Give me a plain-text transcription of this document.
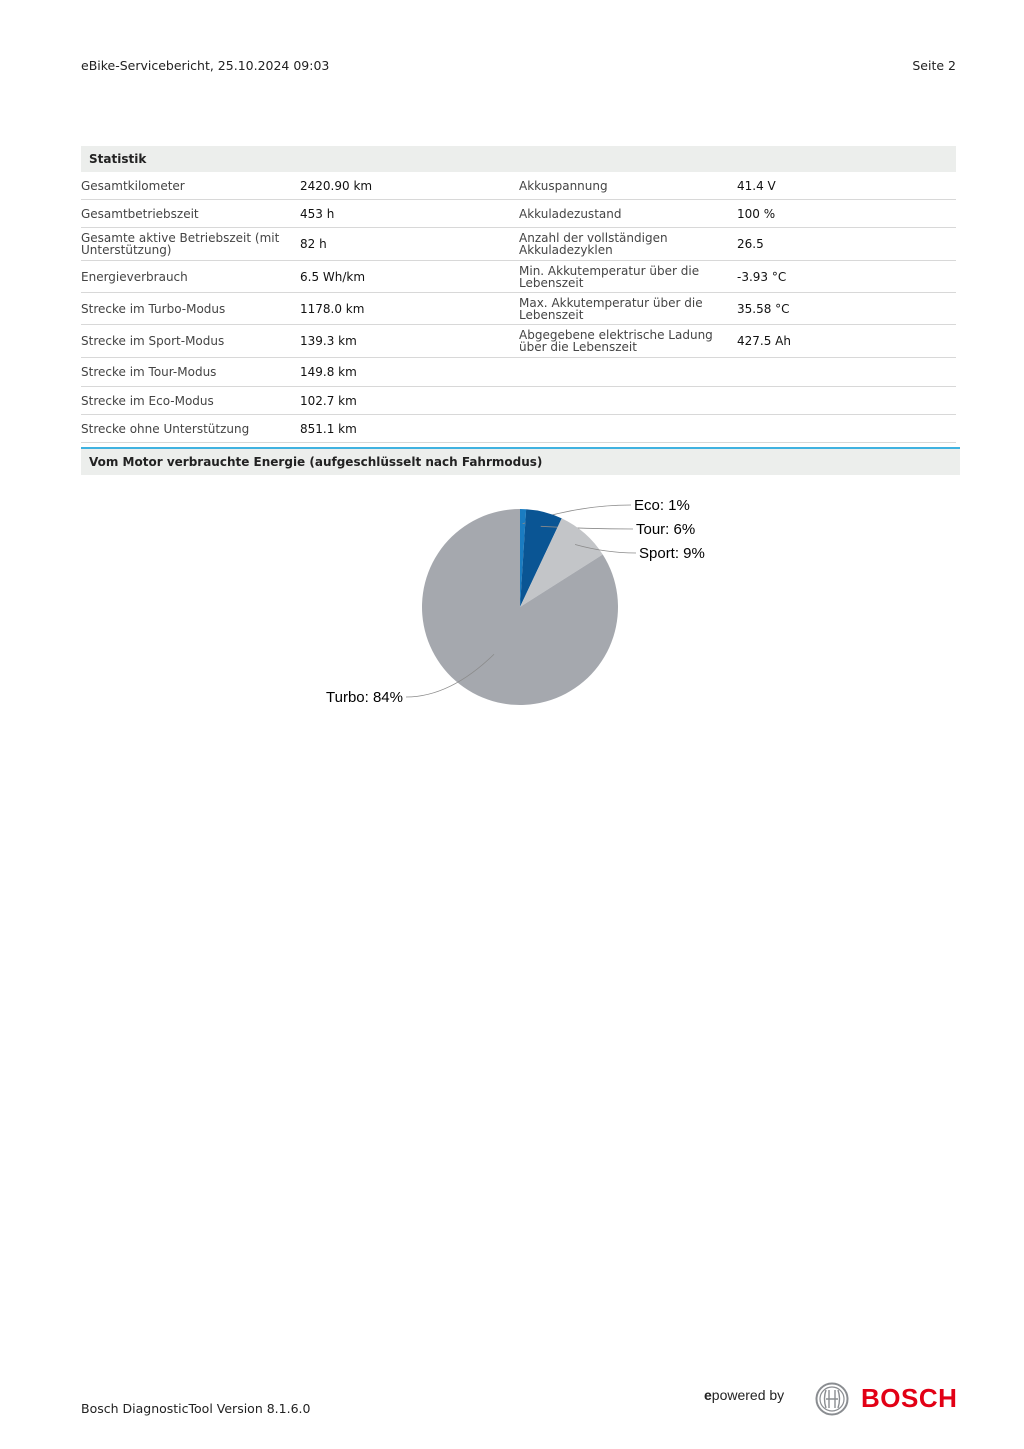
eBike-Servicebericht, 25.10.2024 09:03	Seite 2
Statistik
Gesamtkilometer	2420.90 km	Akkuspannung	41.4 V
Gesamtbetriebszeit	453 h	Akkuladezustand	100 %
Gesamte aktive Betriebszeit (mit Unterstützung)	82 h	Anzahl der vollständigen Akkuladezyklen	26.5
Energieverbrauch	6.5 Wh/km	Min. Akkutemperatur über die Lebenszeit	-3.93 °C
Strecke im Turbo-Modus	1178.0 km	Max. Akkutemperatur über die Lebenszeit	35.58 °C
Strecke im Sport-Modus	139.3 km	Abgegebene elektrische Ladung über die Lebenszeit	427.5 Ah
Strecke im Tour-Modus	149.8 km
Strecke im Eco-Modus	102.7 km
Strecke ohne Unterstützung	851.1 km
Vom Motor verbrauchte Energie (aufgeschlüsselt nach Fahrmodus)
Eco: 1%
Tour: 6%
Sport: 9%
Turbo: 84%
Bosch DiagnosticTool Version 8.1.6.0
epowered by	BOSCH
